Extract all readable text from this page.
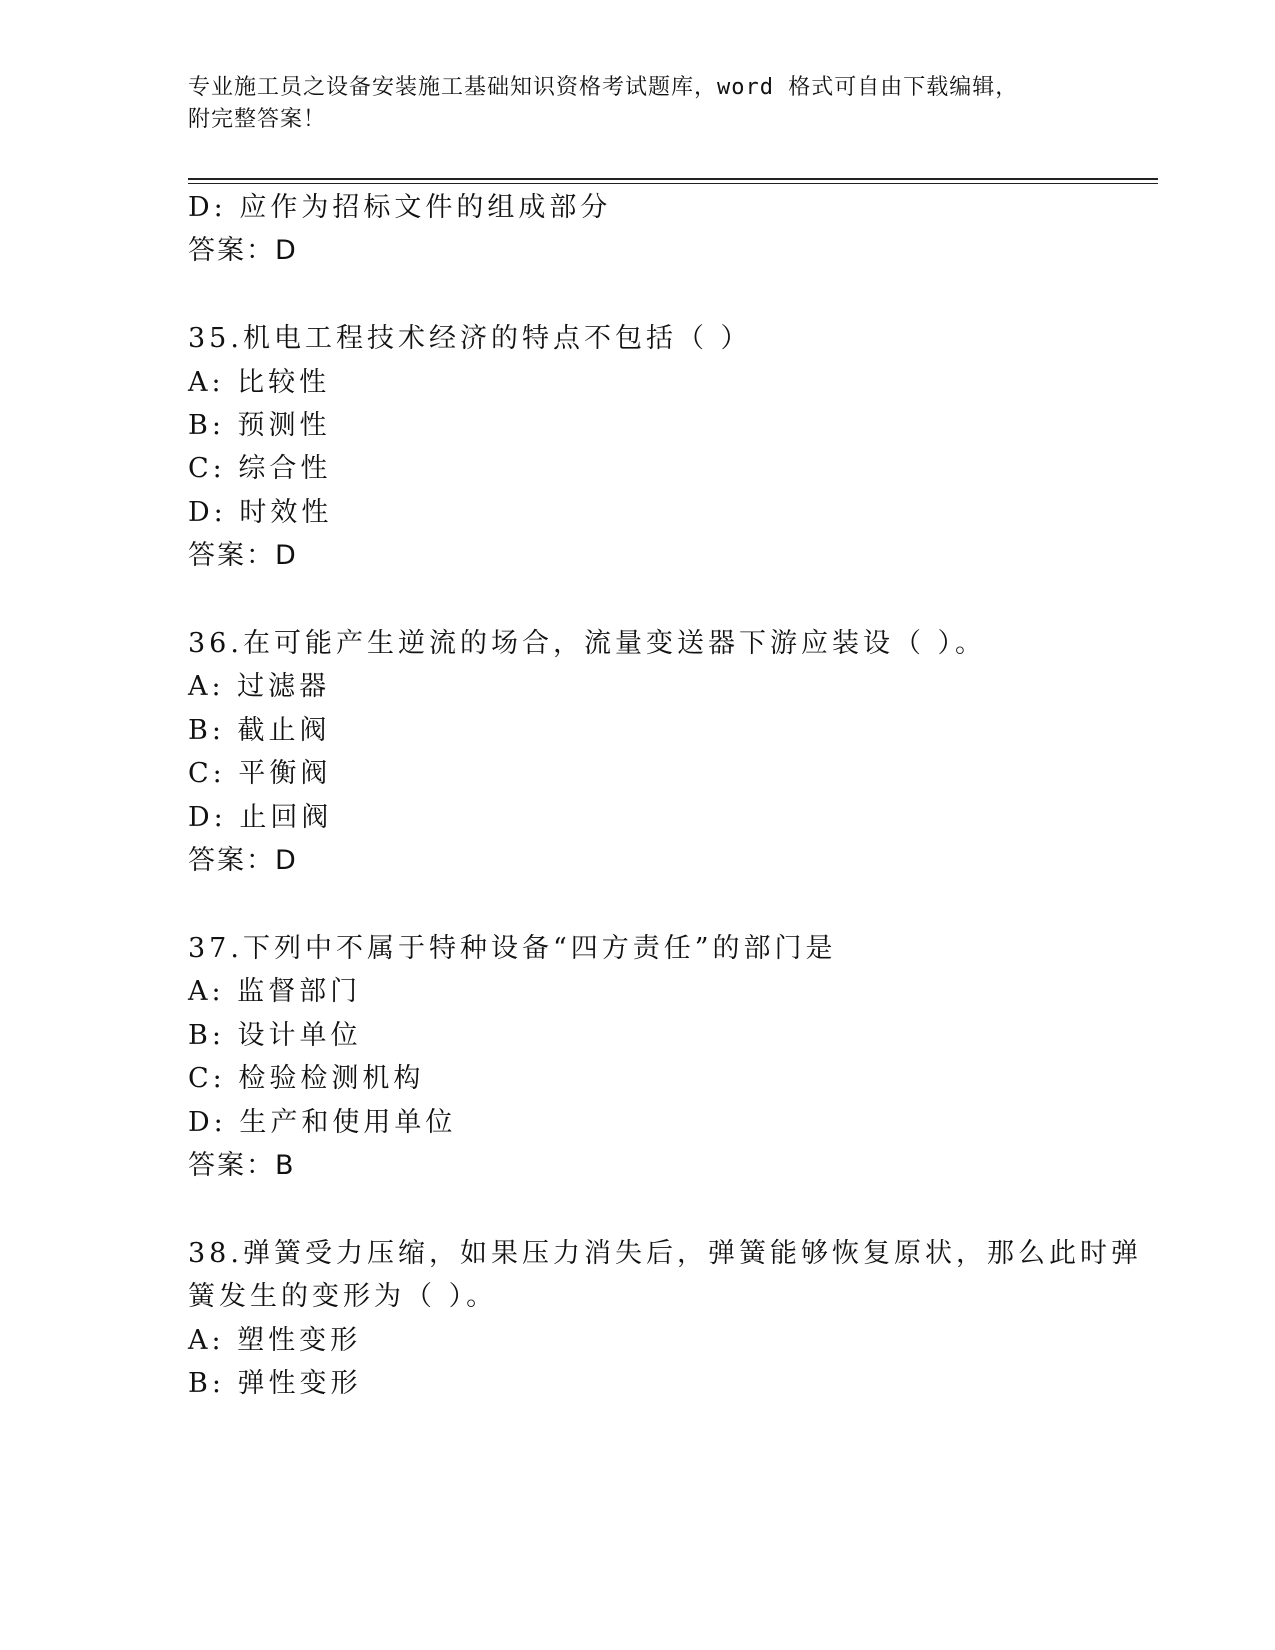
专业施工员之设备安装施工基础知识资格考试题库，word 格式可自由下载编辑，
附完整答案！
D: 应作为招标文件的组成部分
答案：D
35.机电工程技术经济的特点不包括（ ）
A: 比较性
B: 预测性
C: 综合性
D: 时效性
答案：D
36.在可能产生逆流的场合，流量变送器下游应装设（ ）。
A: 过滤器
B: 截止阀
C: 平衡阀
D: 止回阀
答案：D
37.下列中不属于特种设备“四方责任”的部门是
A: 监督部门
B: 设计单位
C: 检验检测机构
D: 生产和使用单位
答案：B
38.弹簧受力压缩，如果压力消失后，弹簧能够恢复原状，那么此时弹
簧发生的变形为（ ）。
A: 塑性变形
B: 弹性变形
